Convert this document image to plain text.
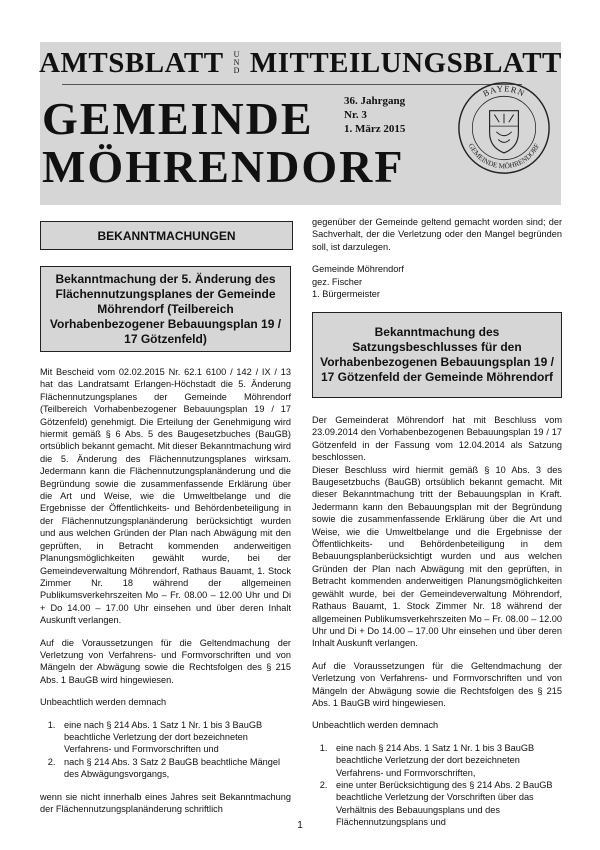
AMTSBLATT UND MITTEILUNGSBLATT
GEMEINDE
MÖHRENDORF
36. Jahrgang
Nr. 3
1. März 2015
BAYERN
GEMEINDE MÖHRENDORF
BEKANNTMACHUNGEN
Bekanntmachung der 5. Änderung des Flächennutzungsplanes der Gemeinde Möhrendorf (Teilbereich Vorhabenbezogener Bebauungsplan 19 / 17 Götzenfeld)

Mit Bescheid vom 02.02.2015 Nr. 62.1 6100 / 142 / IX / 13 hat das Landratsamt Erlangen-Höchstadt die 5. Änderung Flächennutzungsplanes der Gemeinde Möhrendorf (Teilbereich Vorhabenbezogener Bebauungsplan 19 / 17 Götzenfeld) genehmigt. Die Erteilung der Genehmigung wird hiermit gemäß § 6 Abs. 5 des Baugesetzbuches (BauGB) ortsüblich bekannt gemacht. Mit dieser Bekanntmachung wird die 5. Änderung des Flächennutzungsplanes wirksam. Jedermann kann die Flächennutzungsplanänderung und die Begründung sowie die zusammenfassende Erklärung über die Art und Weise, wie die Umweltbelange und die Ergebnisse der Öffentlichkeits- und Behördenbeteiligung in der Flächennutzungsplanänderung berücksichtigt wurden und aus welchen Gründen der Plan nach Abwägung mit den geprüften, in Betracht kommenden anderweitigen Planungsmöglichkeiten gewählt wurde, bei der Gemeindeverwaltung Möhrendorf, Rathaus Bauamt, 1. Stock Zimmer Nr. 18 während der allgemeinen Publikumsverkehrszeiten Mo – Fr. 08.00 – 12.00 Uhr und Di + Do 14.00 – 17.00 Uhr einsehen und über deren Inhalt Auskunft verlangen.

Auf die Voraussetzungen für die Geltendmachung der Verletzung von Verfahrens- und Formvorschriften und von Mängeln der Abwägung sowie die Rechtsfolgen des § 215 Abs. 1 BauGB wird hingewiesen.

Unbeachtlich werden demnach

1. eine nach § 214 Abs. 1 Satz 1 Nr. 1 bis 3 BauGB beachtliche Verletzung der dort bezeichneten Verfahrens- und Formvorschriften und
2. nach § 214 Abs. 3 Satz 2 BauGB beachtliche Mängel des Abwägungsvorgangs,

wenn sie nicht innerhalb eines Jahres seit Bekanntmachung der Flächennutzungsplanänderung schriftlich

gegenüber der Gemeinde geltend gemacht worden sind; der Sachverhalt, der die Verletzung oder den Mangel begründen soll, ist darzulegen.

Gemeinde Möhrendorf
gez. Fischer
1. Bürgermeister
Bekanntmachung des Satzungsbeschlusses für den Vorhabenbezogenen Bebauungsplan 19 / 17 Götzenfeld der Gemeinde Möhrendorf

Der Gemeinderat Möhrendorf hat mit Beschluss vom 23.09.2014 den Vorhabenbezogenen Bebauungsplan 19 / 17 Götzenfeld in der Fassung vom 12.04.2014 als Satzung beschlossen.

Dieser Beschluss wird hiermit gemäß § 10 Abs. 3 des Baugesetzbuchs (BauGB) ortsüblich bekannt gemacht. Mit dieser Bekanntmachung tritt der Bebauungsplan in Kraft. Jedermann kann den Bebauungsplan mit der Begründung sowie die zusammenfassende Erklärung über die Art und Weise, wie die Umweltbelange und die Ergebnisse der Öffentlichkeits- und Behördenbeteiligung in dem Bebauungsplanberücksichtigt wurden und aus welchen Gründen der Plan nach Abwägung mit den geprüften, in Betracht kommenden anderweitigen Planungsmöglichkeiten gewählt wurde, bei der Gemeindeverwaltung Möhrendorf, Rathaus Bauamt, 1. Stock Zimmer Nr. 18 während der allgemeinen Publikumsverkehrszeiten Mo – Fr. 08.00 – 12.00 Uhr und Di + Do 14.00 – 17.00 Uhr einsehen und über deren Inhalt Auskunft verlangen.

Auf die Voraussetzungen für die Geltendmachung der Verletzung von Verfahrens- und Formvorschriften und von Mängeln der Abwägung sowie die Rechtsfolgen des § 215 Abs. 1 BauGB wird hingewiesen.

Unbeachtlich werden demnach

1. eine nach § 214 Abs. 1 Satz 1 Nr. 1 bis 3 BauGB beachtliche Verletzung der dort bezeichneten Verfahrens- und Formvorschriften,
2. eine unter Berücksichtigung des § 214 Abs. 2 BauGB beachtliche Verletzung der Vorschriften über das Verhältnis des Bebauungsplans und des Flächennutzungsplans und
1
